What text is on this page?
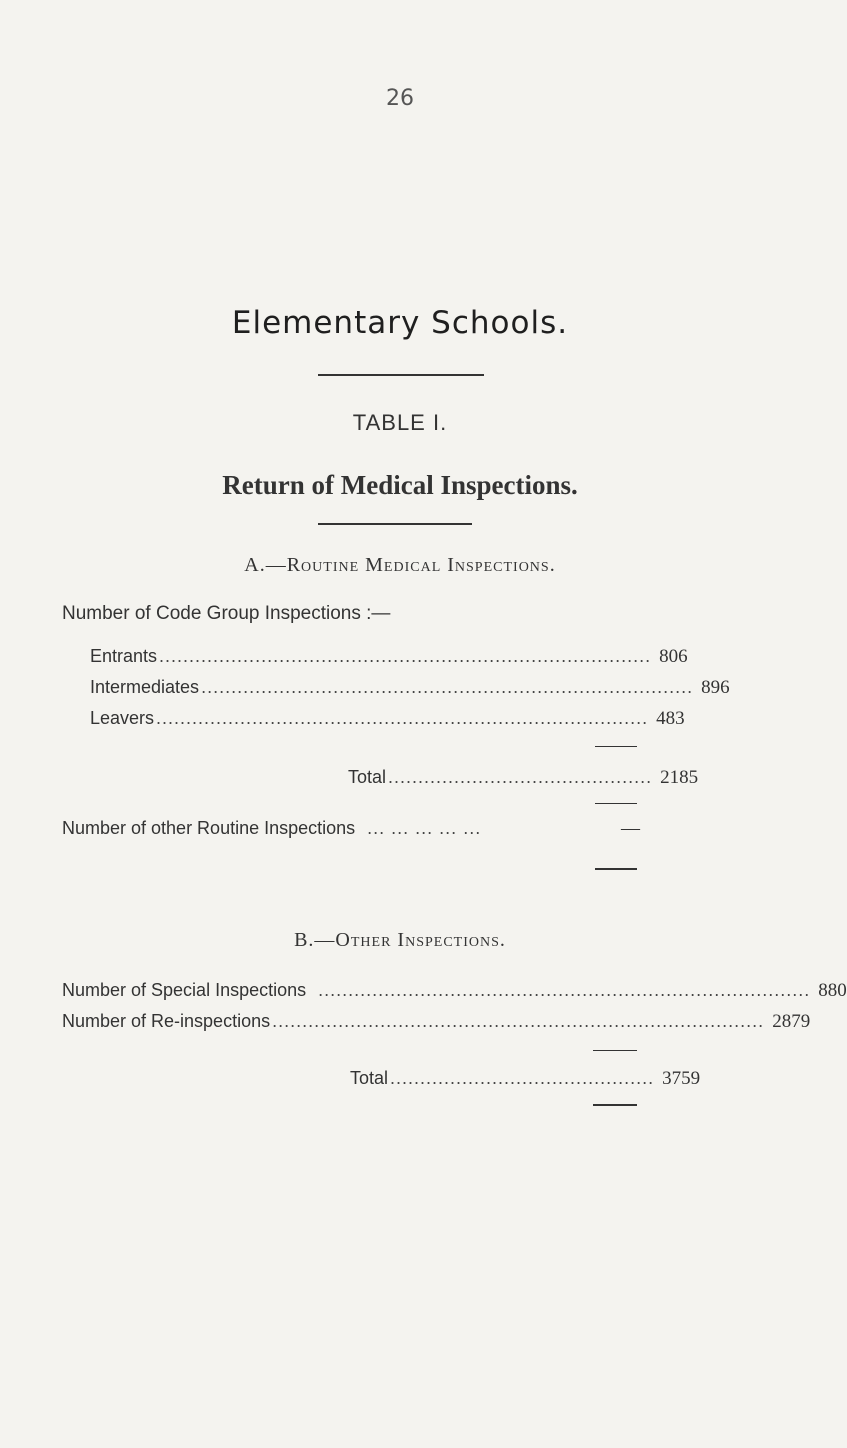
26
Elementary Schools.
TABLE I.
Return of Medical Inspections.
A.—Routine Medical Inspections.
Number of Code Group Inspections :—
Entrants .................................................................................. 806
Intermediates .................................................................................. 896
Leavers .................................................................................. 483
Total ............................................ 2185
Number of other Routine Inspections ... ... ... ... ...	—
B.—Other Inspections.
Number of Special Inspections .................................................................................. 880
Number of Re-inspections .................................................................................. 2879
Total ............................................ 3759
